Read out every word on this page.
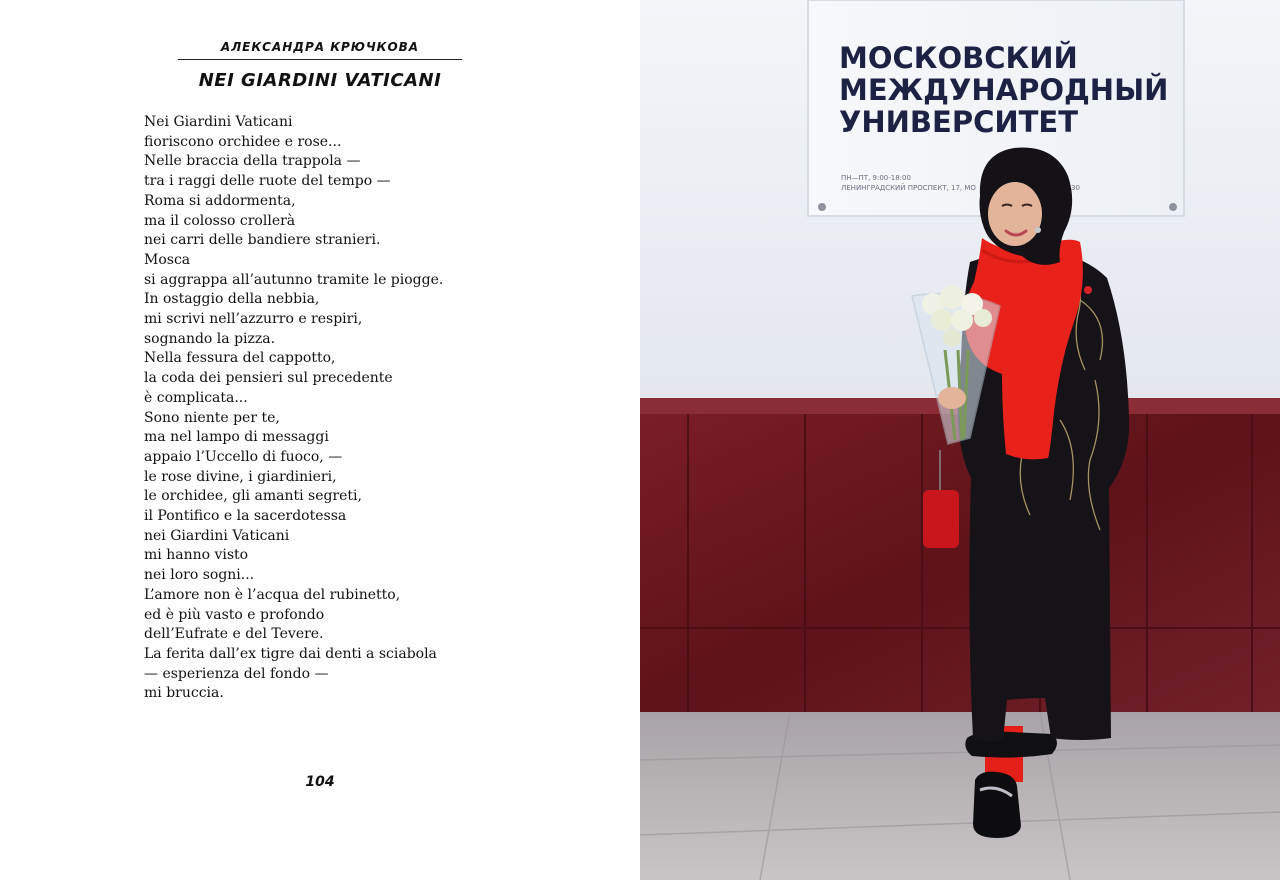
АЛЕКСАНДРА КРЮЧКОВА
NEI GIARDINI VATICANI
Nei Giardini Vaticani
fioriscono orchidee e rose...
Nelle braccia della trappola —
tra i raggi delle ruote del tempo —
Roma si addormenta,
ma il colosso crollerà
nei carri delle bandiere stranieri.
Mosca
si aggrappa all’autunno tramite le piogge.
In ostaggio della nebbia,
mi scrivi nell’azzurro e respiri,
sognando la pizza.
Nella fessura del cappotto,
la coda dei pensieri sul precedente
è complicata...
Sono niente per te,
ma nel lampo di messaggi
appaio l’Uccello di fuoco, —
le rose divine, i giardinieri,
le orchidee, gli amanti segreti,
il Pontifico e la sacerdotessa
nei Giardini Vaticani
mi hanno visto
nei loro sogni...
L’amore non è l’acqua del rubinetto,
ed è più vasto e profondo
dell’Eufrate e del Tevere.
La ferita dall’ex tigre dai denti a sciabola
— esperienza del fondo —
mi bruccia.
104
МОСКОВСКИЙ
МЕЖДУНАРОДНЫЙ
УНИВЕРСИТЕТ
ПН—ПТ, 9:00-18:00
ЛЕНИНГРАДСКИЙ ПРОСПЕКТ, 17, МО	30
